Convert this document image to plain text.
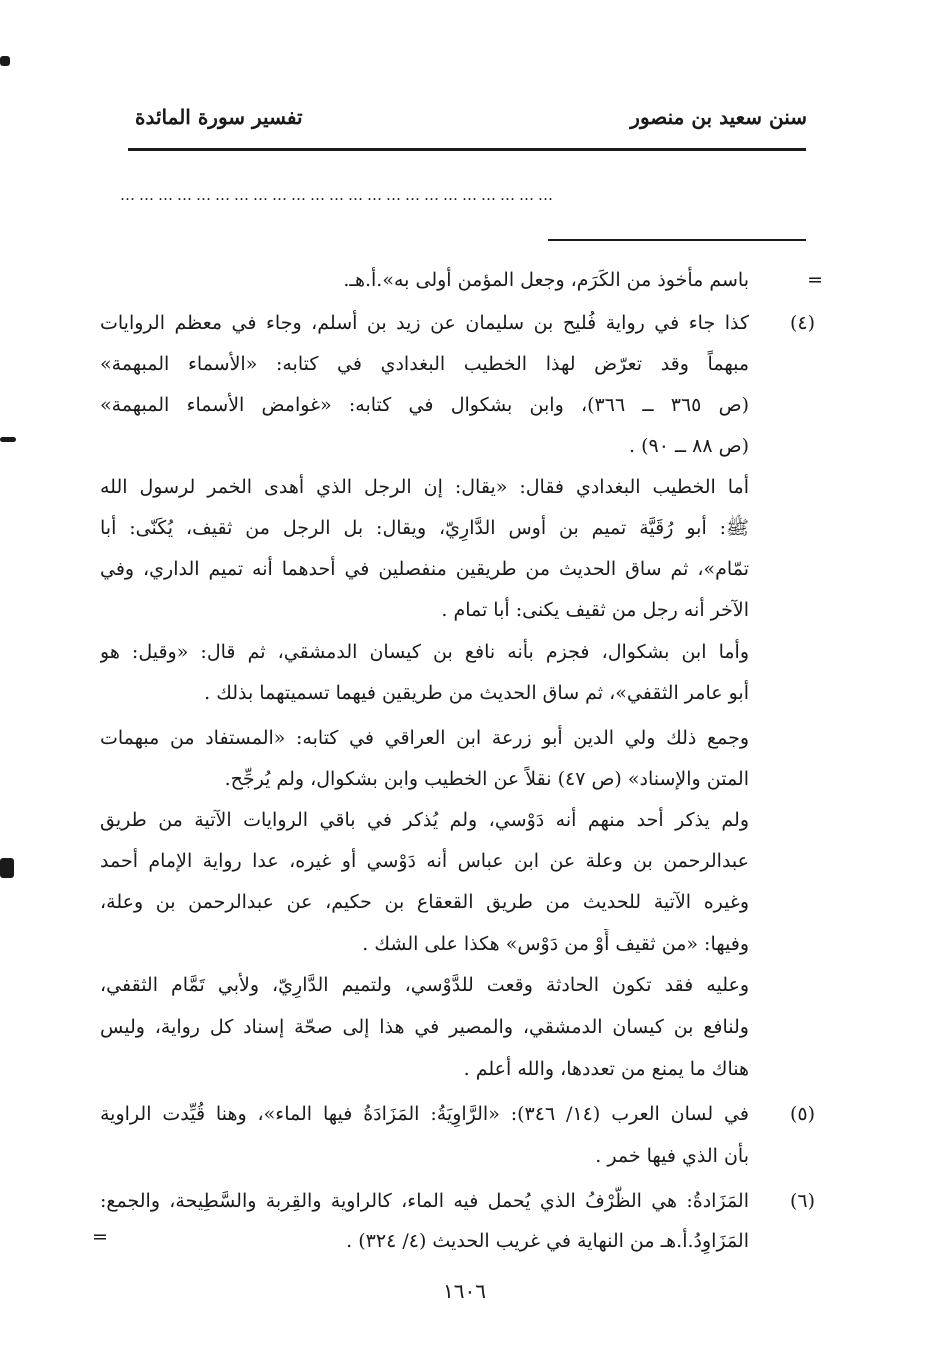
سنن سعيد بن منصور
تفسير سورة المائدة
……………………………………………………………
=
باسم مأخوذ من الكَرَم، وجعل المؤمن أولى به».أ.هـ.
(٤)
كذا جاء في رواية فُليح بن سليمان عن زيد بن أسلم، وجاء في معظم الروايات
مبهماً وقد تعرّض لهذا الخطيب البغدادي في كتابه: «الأسماء المبهمة»
(ص ٣٦٥ ــ ٣٦٦)، وابن بشكوال في كتابه: «غوامض الأسماء المبهمة»
(ص ٨٨ ــ ٩٠) .
أما الخطيب البغدادي فقال: «يقال: إن الرجل الذي أهدى الخمر لرسول الله
ﷺ: أبو رُقَيَّة تميم بن أوس الدَّارِيّ، ويقال: بل الرجل من ثقيف، يُكَنّى: أبا
تمّام»، ثم ساق الحديث من طريقين منفصلين في أحدهما أنه تميم الداري، وفي
الآخر أنه رجل من ثقيف يكنى: أبا تمام .
وأما ابن بشكوال، فجزم بأنه نافع بن كيسان الدمشقي، ثم قال: «وقيل: هو
أبو عامر الثقفي»، ثم ساق الحديث من طريقين فيهما تسميتهما بذلك .
وجمع ذلك ولي الدين أبو زرعة ابن العراقي في كتابه: «المستفاد من مبهمات
المتن والإسناد» (ص ٤٧) نقلاً عن الخطيب وابن بشكوال، ولم يُرجِّح.
ولم يذكر أحد منهم أنه دَوْسي، ولم يُذكر في باقي الروايات الآتية من طريق
عبدالرحمن بن وعلة عن ابن عباس أنه دَوْسي أو غيره، عدا رواية الإمام أحمد
وغيره الآتية للحديث من طريق القعقاع بن حكيم، عن عبدالرحمن بن وعلة،
وفيها: «من ثقيف أَوْ من دَوْس» هكذا على الشك .
وعليه فقد تكون الحادثة وقعت للدَّوْسي، ولتميم الدَّارِيّ، ولأبي تَمَّام الثقفي،
ولنافع بن كيسان الدمشقي، والمصير في هذا إلى صحّة إسناد كل رواية، وليس
هناك ما يمنع من تعددها، والله أعلم .
(٥)
في لسان العرب (١٤/ ٣٤٦): «الرَّاوِيَةُ: المَزَادَةُ فيها الماء»، وهنا قُيِّدت الراوية
بأن الذي فيها خمر .
(٦)
المَزَادةُ: هي الظَّرْفُ الذي يُحمل فيه الماء، كالراوية والقِربة والسَّطِيحة، والجمع:
المَزَاوِدُ.أ.هـ من النهاية في غريب الحديث (٤/ ٣٢٤) .
=
١٦٠٦
